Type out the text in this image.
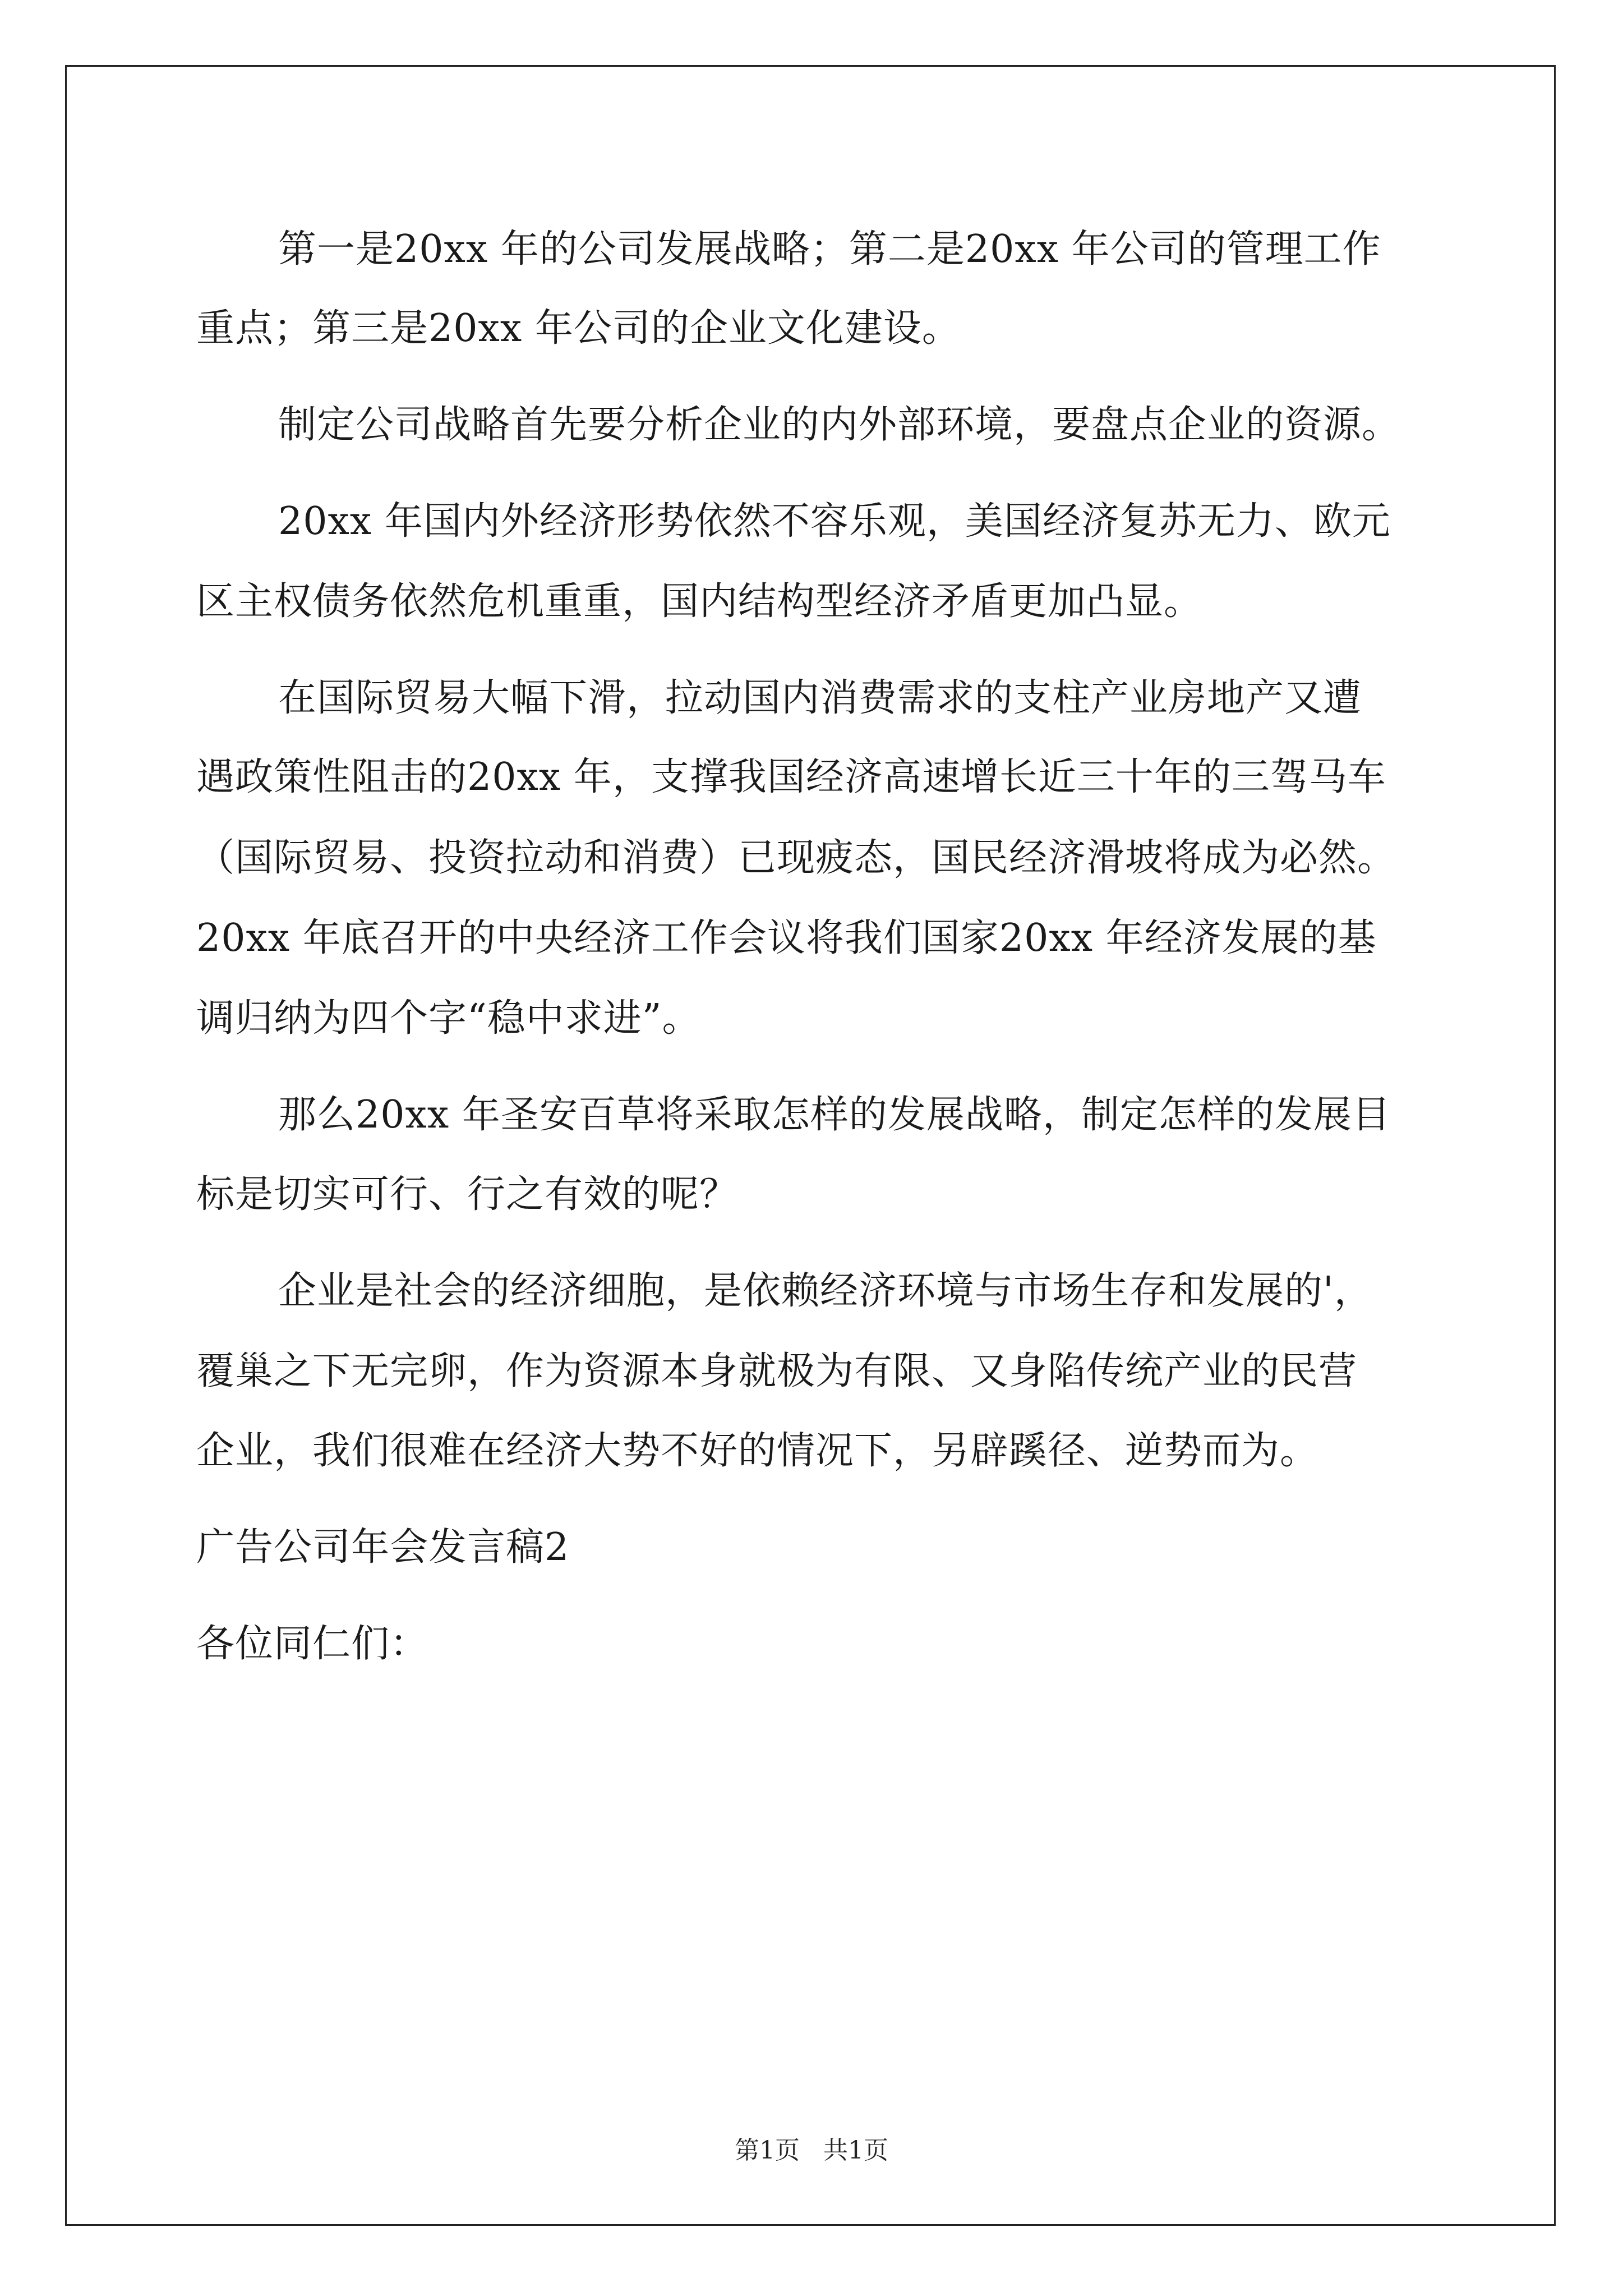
第一是20xx 年的公司发展战略；第二是20xx 年公司的管理工作
重点；第三是20xx 年公司的企业文化建设。
制定公司战略首先要分析企业的内外部环境，要盘点企业的资源。
20xx 年国内外经济形势依然不容乐观，美国经济复苏无力、欧元
区主权债务依然危机重重，国内结构型经济矛盾更加凸显。
在国际贸易大幅下滑，拉动国内消费需求的支柱产业房地产又遭
遇政策性阻击的20xx 年，支撑我国经济高速增长近三十年的三驾马车
（国际贸易、投资拉动和消费）已现疲态，国民经济滑坡将成为必然。
20xx 年底召开的中央经济工作会议将我们国家20xx 年经济发展的基
调归纳为四个字“稳中求进”。
那么20xx 年圣安百草将采取怎样的发展战略，制定怎样的发展目
标是切实可行、行之有效的呢？
企业是社会的经济细胞，是依赖经济环境与市场生存和发展的'，
覆巢之下无完卵，作为资源本身就极为有限、又身陷传统产业的民营
企业，我们很难在经济大势不好的情况下，另辟蹊径、逆势而为。
广告公司年会发言稿2
各位同仁们：
第1页   共1页
